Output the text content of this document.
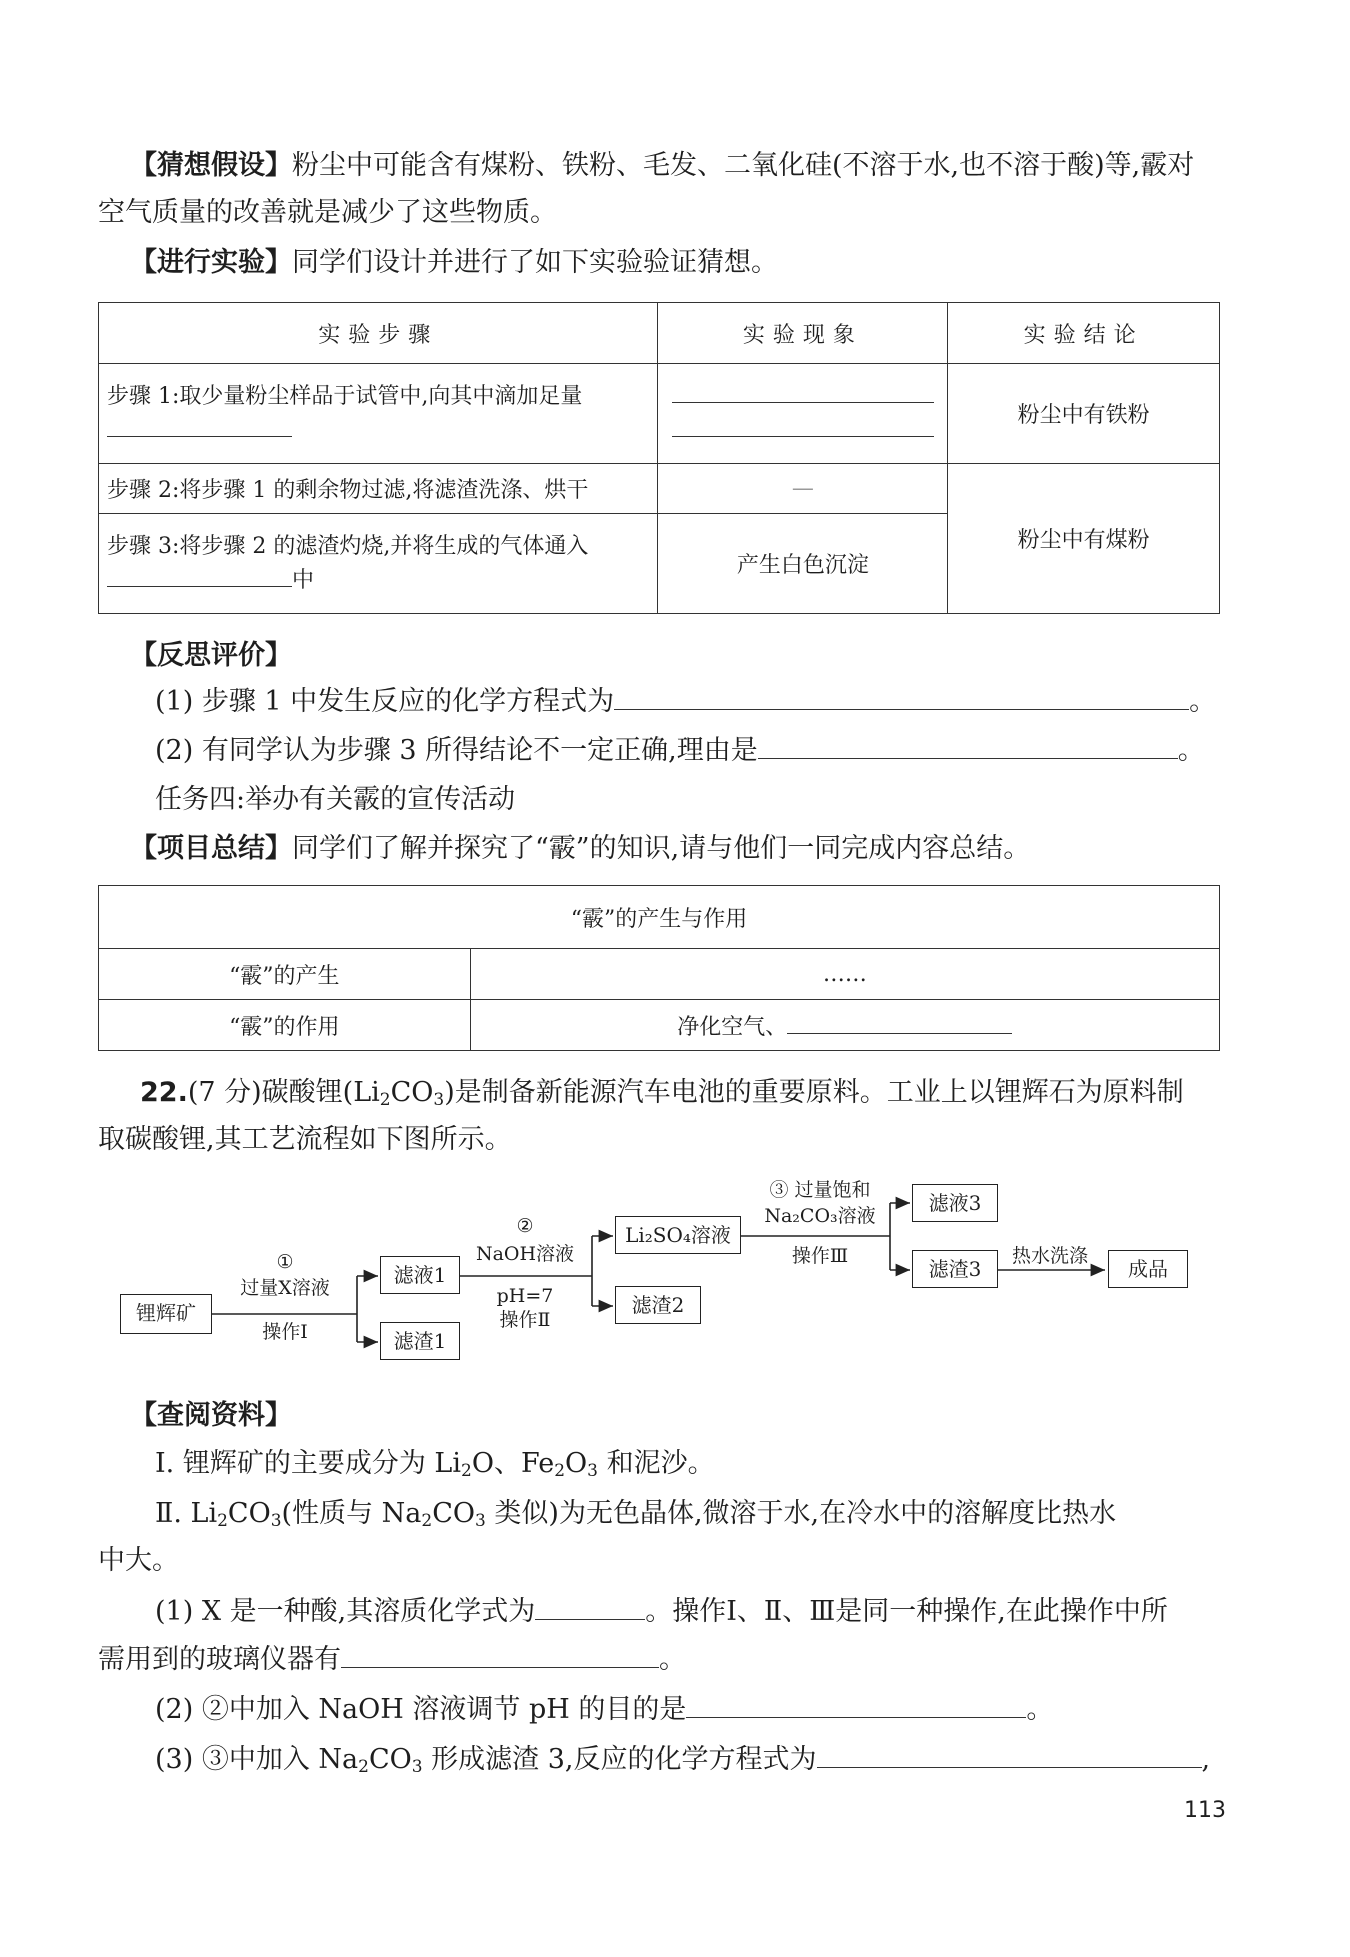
【猜想假设】粉尘中可能含有煤粉、铁粉、毛发、二氧化硅(不溶于水,也不溶于酸)等,霰对
空气质量的改善就是减少了这些物质。
【进行实验】同学们设计并进行了如下实验验证猜想。
实验步骤	实验现象	实验结论

步骤 1:取少量粉尘样品于试管中,向其中滴加足量		粉尘中有铁粉
步骤 2:将步骤 1 的剩余物过滤,将滤渣洗涤、烘干	—	粉尘中有煤粉

步骤 3:将步骤 2 的滤渣灼烧,并将生成的气体通入
中	产生白色沉淀	
【反思评价】
(1) 步骤 1 中发生反应的化学方程式为	。
(2) 有同学认为步骤 3 所得结论不一定正确,理由是	。
任务四:举办有关霰的宣传活动
【项目总结】同学们了解并探究了“霰”的知识,请与他们一同完成内容总结。
“霰”的产生与作用	
“霰”的产生	……
“霰”的作用	净化空气、
22.(7 分)碳酸锂$(Li_2CO_3)$是制备新能源汽车电池的重要原料。工业上以锂辉石为原料制
取碳酸锂,其工艺流程如下图所示。
锂辉矿
①
过量X溶液
操作Ⅰ
滤液1
滤渣1
②
NaOH溶液
pH=7
操作Ⅱ
Li₂SO₄溶液
滤渣2
③ 过量饱和
Na₂CO₃溶液
操作Ⅲ
滤液3
滤渣3
热水洗涤
成品
【查阅资料】
Ⅰ. 锂辉矿的主要成分为 $Li_2O$、$Fe_2O_3$ 和泥沙。
Ⅱ. $Li_2CO_3$(性质与 $Na_2CO_3$ 类似)为无色晶体,微溶于水,在冷水中的溶解度比热水
中大。
(1) X 是一种酸,其溶质化学式为	。操作Ⅰ、Ⅱ、Ⅲ是同一种操作,在此操作中所
需用到的玻璃仪器有	。
(2) ②中加入 NaOH 溶液调节 pH 的目的是	。
(3) ③中加入 $Na_2CO_3$ 形成滤渣 3,反应的化学方程式为	,
113
